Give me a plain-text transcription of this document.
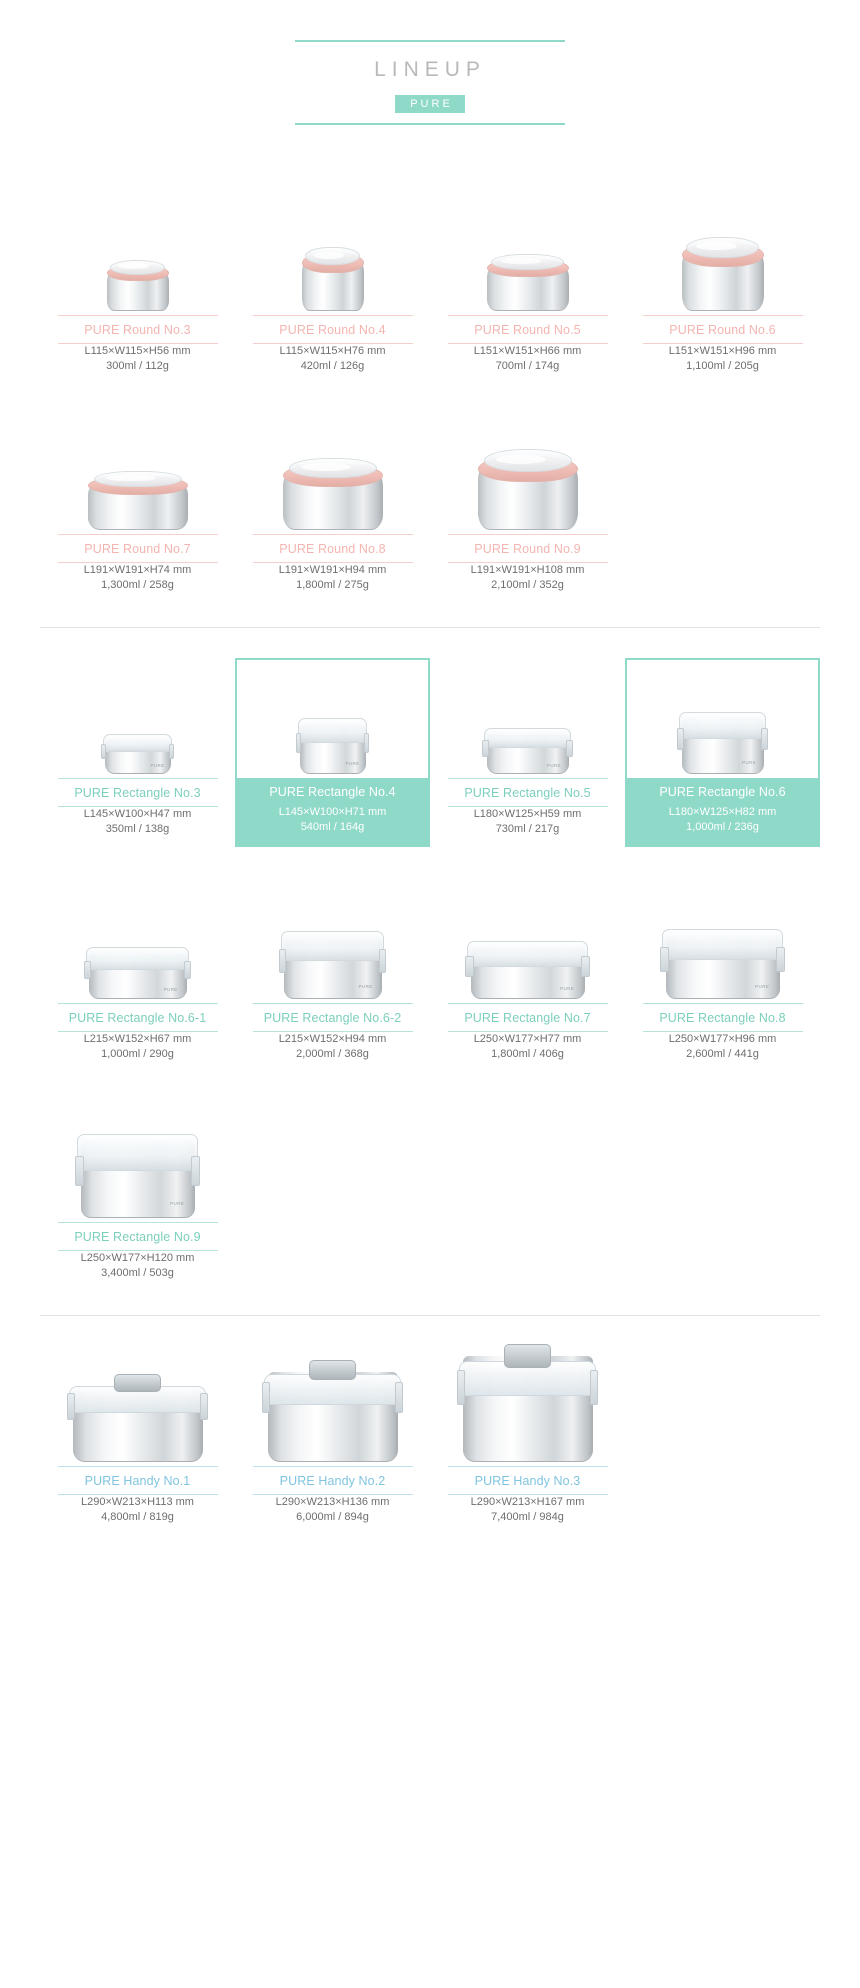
LINEUP
PURE
PURE Round No.3
L115×W115×H56 mm
300ml / 112g
PURE Round No.4
L115×W115×H76 mm
420ml / 126g
PURE Round No.5
L151×W151×H66 mm
700ml / 174g
PURE Round No.6
L151×W151×H96 mm
1,100ml / 205g
PURE Round No.7
L191×W191×H74 mm
1,300ml / 258g
PURE Round No.8
L191×W191×H94 mm
1,800ml / 275g
PURE Round No.9
L191×W191×H108 mm
2,100ml / 352g
PURE
PURE Rectangle No.3
L145×W100×H47 mm
350ml / 138g
PURE
PURE Rectangle No.4
L145×W100×H71 mm
540ml / 164g
PURE
PURE Rectangle No.5
L180×W125×H59 mm
730ml / 217g
PURE
PURE Rectangle No.6
L180×W125×H82 mm
1,000ml / 236g
PURE
PURE Rectangle No.6-1
L215×W152×H67 mm
1,000ml / 290g
PURE
PURE Rectangle No.6-2
L215×W152×H94 mm
2,000ml / 368g
PURE
PURE Rectangle No.7
L250×W177×H77 mm
1,800ml / 406g
PURE
PURE Rectangle No.8
L250×W177×H96 mm
2,600ml / 441g
PURE
PURE Rectangle No.9
L250×W177×H120 mm
3,400ml / 503g
PURE Handy No.1
L290×W213×H113 mm
4,800ml / 819g
PURE Handy No.2
L290×W213×H136 mm
6,000ml / 894g
PURE Handy No.3
L290×W213×H167 mm
7,400ml / 984g
